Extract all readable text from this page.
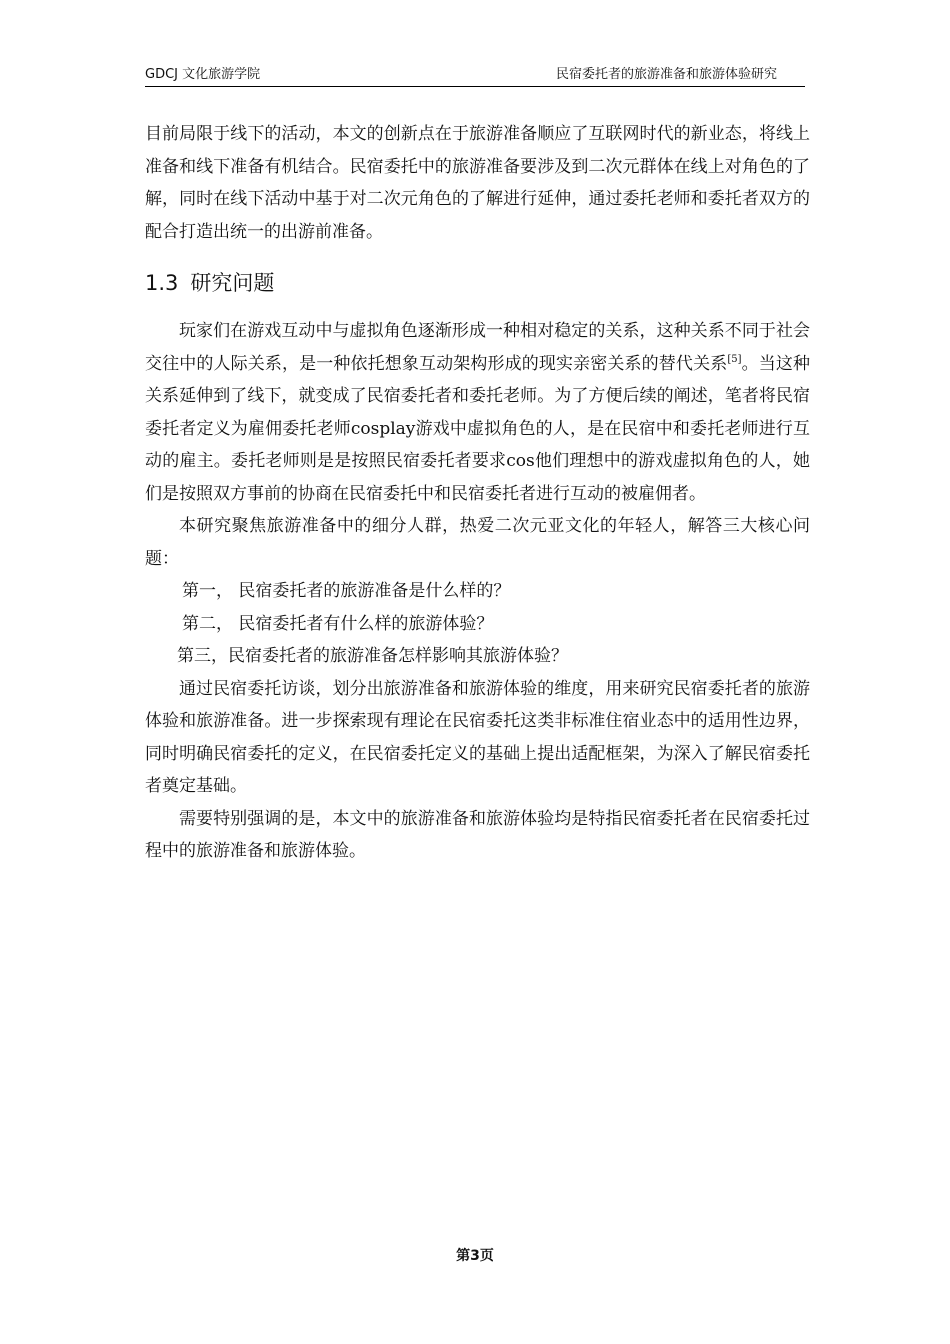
GDCJ 文化旅游学院	民宿委托者的旅游准备和旅游体验研究

目前局限于线下的活动，本文的创新点在于旅游准备顺应了互联网时代的新业态，将线上准备和线下准备有机结合。民宿委托中的旅游准备要涉及到二次元群体在线上对角色的了解，同时在线下活动中基于对二次元角色的了解进行延伸，通过委托老师和委托者双方的配合打造出统一的出游前准备。

1.3 研究问题

玩家们在游戏互动中与虚拟角色逐渐形成一种相对稳定的关系，这种关系不同于社会交往中的人际关系，是一种依托想象互动架构形成的现实亲密关系的替代关系[5]。当这种关系延伸到了线下，就变成了民宿委托者和委托老师。为了方便后续的阐述，笔者将民宿委托者定义为雇佣委托老师cosplay游戏中虚拟角色的人，是在民宿中和委托老师进行互动的雇主。委托老师则是是按照民宿委托者要求cos他们理想中的游戏虚拟角色的人，她们是按照双方事前的协商在民宿委托中和民宿委托者进行互动的被雇佣者。

本研究聚焦旅游准备中的细分人群，热爱二次元亚文化的年轻人，解答三大核心问题：

第一， 民宿委托者的旅游准备是什么样的？

第二， 民宿委托者有什么样的旅游体验？

第三，民宿委托者的旅游准备怎样影响其旅游体验？

通过民宿委托访谈，划分出旅游准备和旅游体验的维度，用来研究民宿委托者的旅游体验和旅游准备。进一步探索现有理论在民宿委托这类非标准住宿业态中的适用性边界，同时明确民宿委托的定义，在民宿委托定义的基础上提出适配框架，为深入了解民宿委托者奠定基础。

需要特别强调的是，本文中的旅游准备和旅游体验均是特指民宿委托者在民宿委托过程中的旅游准备和旅游体验。

第3页
